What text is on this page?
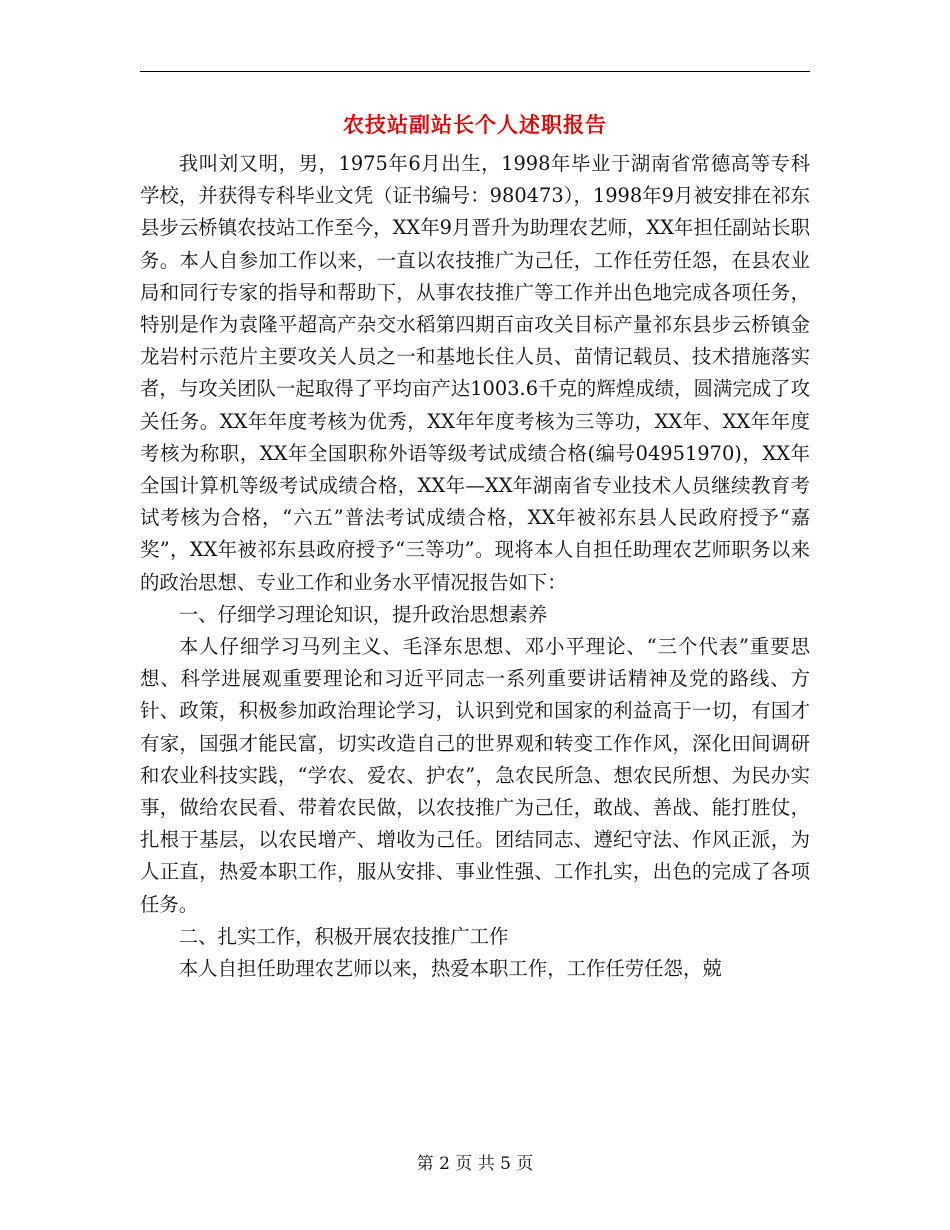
农技站副站长个人述职报告

我叫刘又明，男，1975年6月出生，1998年毕业于湖南省常德高等专科学校，并获得专科毕业文凭（证书编号：980473），1998年9月被安排在祁东县步云桥镇农技站工作至今，XX年9月晋升为助理农艺师，XX年担任副站长职务。本人自参加工作以来，一直以农技推广为己任，工作任劳任怨，在县农业局和同行专家的指导和帮助下，从事农技推广等工作并出色地完成各项任务，特别是作为袁隆平超高产杂交水稻第四期百亩攻关目标产量祁东县步云桥镇金龙岩村示范片主要攻关人员之一和基地长住人员、苗情记载员、技术措施落实者，与攻关团队一起取得了平均亩产达1003.6千克的辉煌成绩，圆满完成了攻关任务。XX年年度考核为优秀，XX年年度考核为三等功，XX年、XX年年度考核为称职，XX年全国职称外语等级考试成绩合格(编号04951970)，XX年全国计算机等级考试成绩合格，XX年—XX年湖南省专业技术人员继续教育考试考核为合格，“六五”普法考试成绩合格，XX年被祁东县人民政府授予“嘉奖”，XX年被祁东县政府授予“三等功”。现将本人自担任助理农艺师职务以来的政治思想、专业工作和业务水平情况报告如下：

一、仔细学习理论知识，提升政治思想素养

本人仔细学习马列主义、毛泽东思想、邓小平理论、“三个代表”重要思想、科学进展观重要理论和习近平同志一系列重要讲话精神及党的路线、方针、政策，积极参加政治理论学习，认识到党和国家的利益高于一切，有国才有家，国强才能民富，切实改造自己的世界观和转变工作作风，深化田间调研和农业科技实践，“学农、爱农、护农”，急农民所急、想农民所想、为民办实事，做给农民看、带着农民做，以农技推广为己任，敢战、善战、能打胜仗，扎根于基层，以农民增产、增收为己任。团结同志、遵纪守法、作风正派，为人正直，热爱本职工作，服从安排、事业性强、工作扎实，出色的完成了各项任务。

二、扎实工作，积极开展农技推广工作

本人自担任助理农艺师以来，热爱本职工作，工作任劳任怨，兢

第 2 页 共 5 页
